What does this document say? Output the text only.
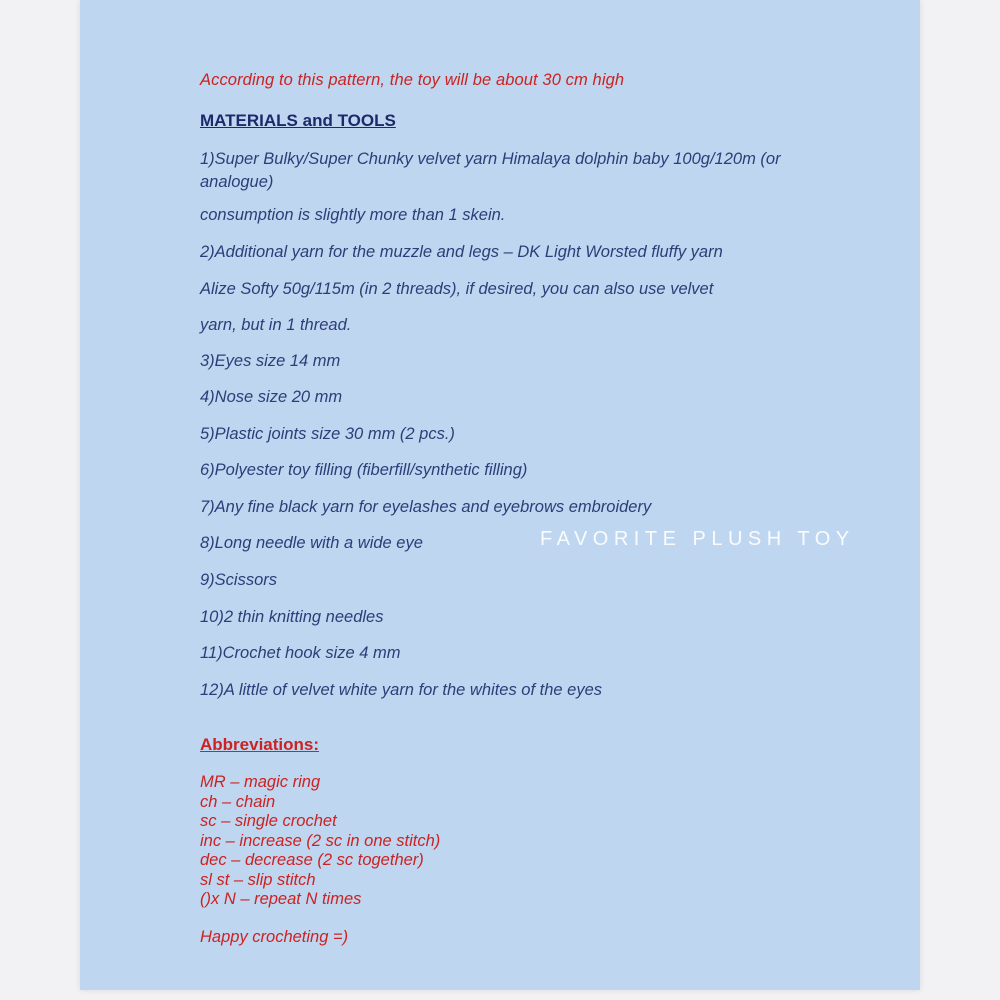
According to this pattern, the toy will be about 30 cm high
MATERIALS and TOOLS
1)Super Bulky/Super Chunky velvet yarn Himalaya dolphin baby 100g/120m (or analogue)
consumption is slightly more than 1 skein.
2)Additional yarn for the muzzle and legs – DK Light Worsted fluffy yarn
Alize Softy 50g/115m (in 2 threads), if desired, you can also use velvet
yarn, but in 1 thread.
3)Eyes size 14 mm
4)Nose size 20 mm
5)Plastic joints size 30 mm (2 pcs.)
6)Polyester toy filling (fiberfill/synthetic filling)
7)Any fine black yarn for eyelashes and eyebrows embroidery
8)Long needle with a wide eye
9)Scissors
10)2 thin knitting needles
11)Crochet hook size 4 mm
12)A little of velvet white yarn for the whites of the eyes
Abbreviations:
MR – magic ring
ch – chain
sc – single crochet
inc – increase (2 sc in one stitch)
dec – decrease (2 sc together)
sl st – slip stitch
()x N – repeat N times
Happy crocheting =)
FAVORITE PLUSH TOY
